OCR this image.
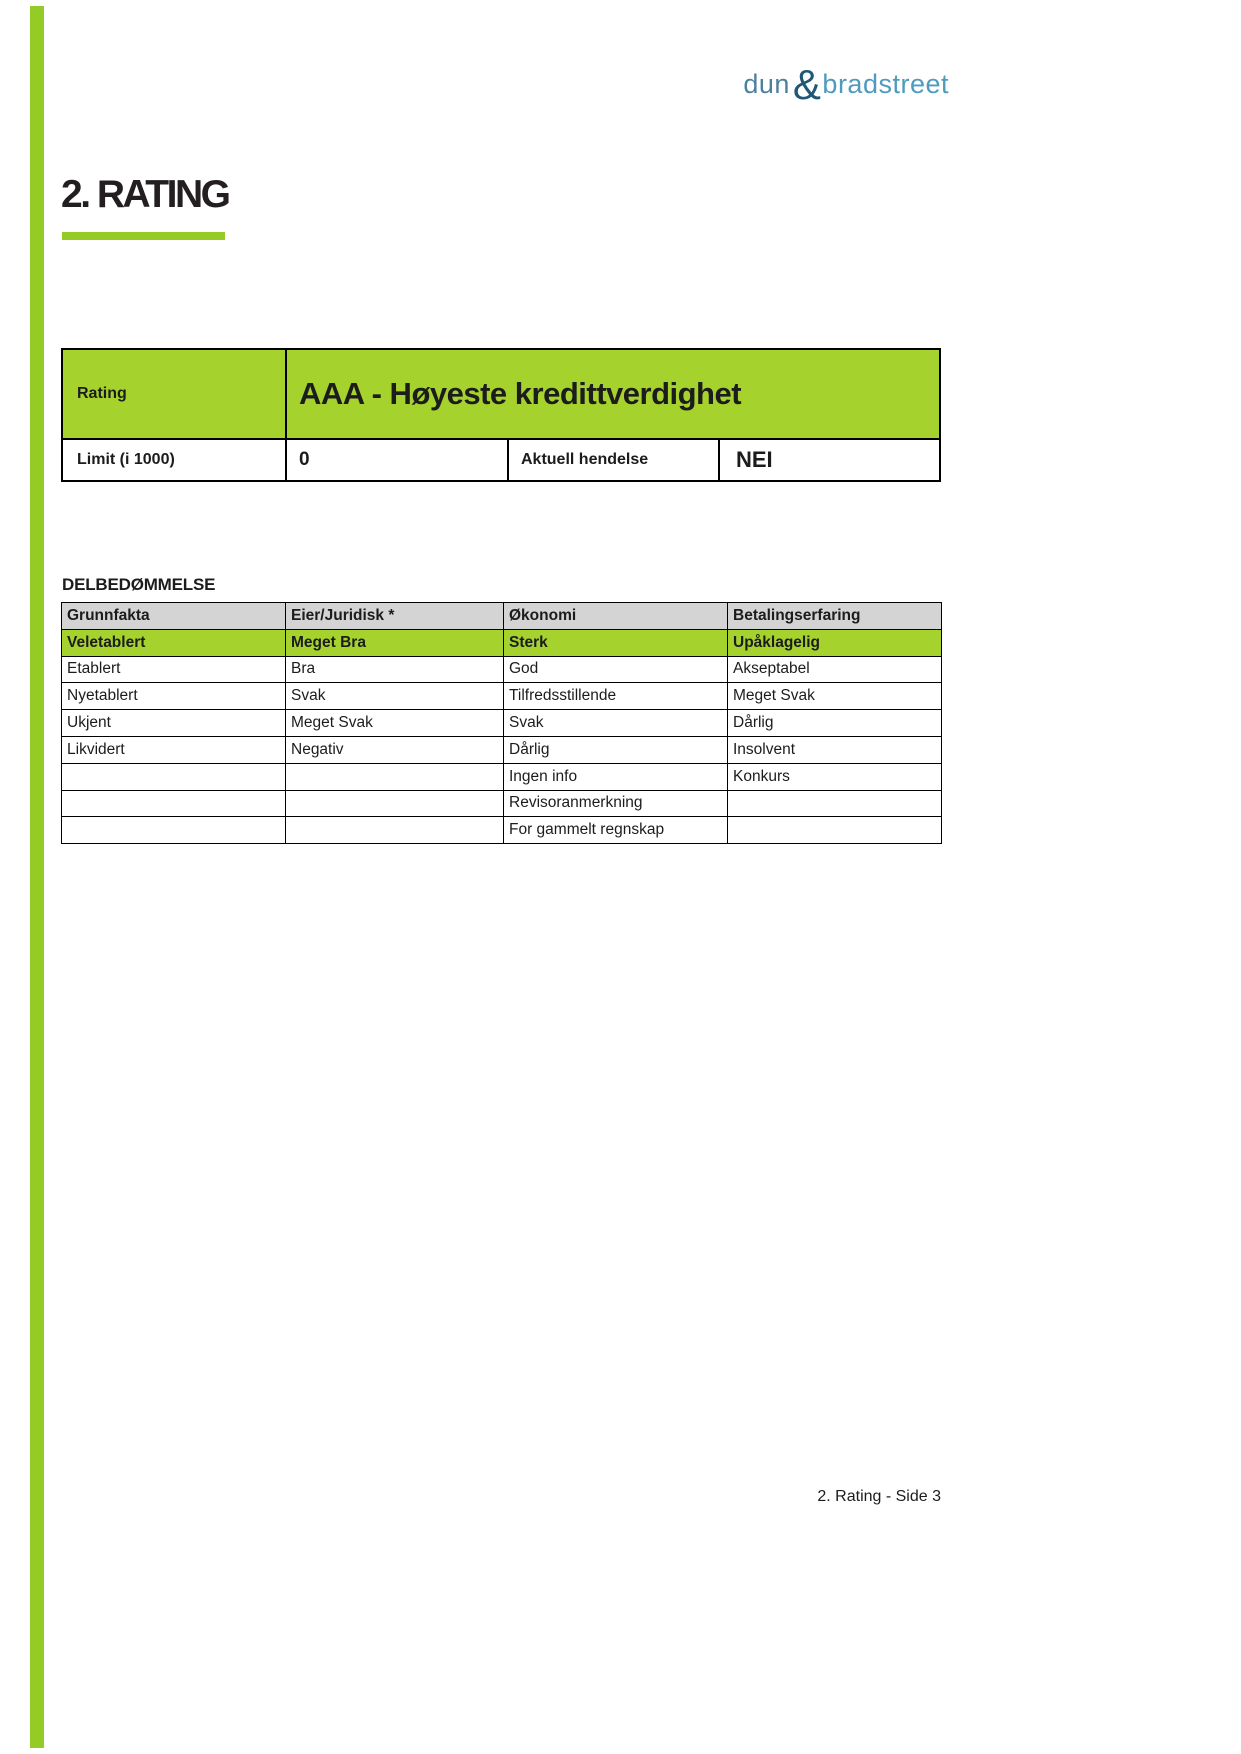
dun&bradstreet
2. RATING
Rating	AAA - Høyeste kredittverdighet
Limit (i 1000)	0	Aktuell hendelse	NEI
DELBEDØMMELSE
Grunnfakta	Eier/Juridisk *	Økonomi	Betalingserfaring
Veletablert	Meget Bra	Sterk	Upåklagelig
Etablert	Bra	God	Akseptabel
Nyetablert	Svak	Tilfredsstillende	Meget Svak
Ukjent	Meget Svak	Svak	Dårlig
Likvidert	Negativ	Dårlig	Insolvent
		Ingen info	Konkurs
		Revisoranmerkning	
		For gammelt regnskap	
2. Rating - Side 3
